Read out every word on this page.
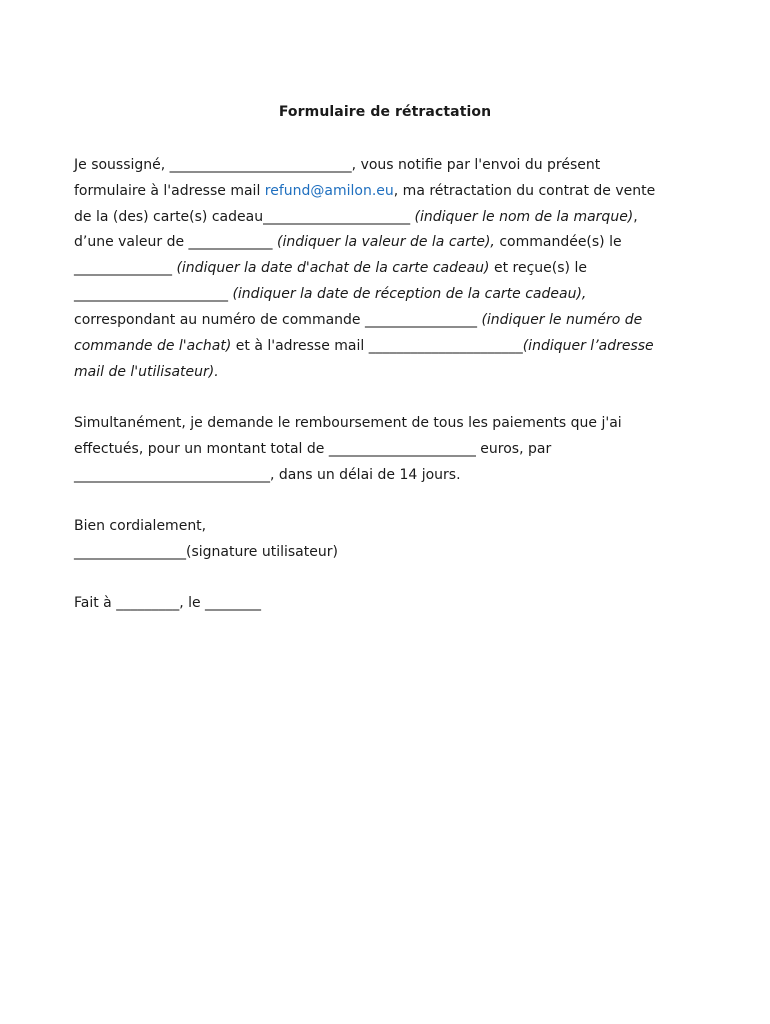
Formulaire de rétractation
Je soussigné, __________________________, vous notifie par l'envoi du présent
formulaire à l'adresse mail refund@amilon.eu, ma rétractation du contrat de vente
de la (des) carte(s) cadeau_____________________ (indiquer le nom de la marque),
d’une valeur de ____________ (indiquer la valeur de la carte), commandée(s) le
______________ (indiquer la date d'achat de la carte cadeau) et reçue(s) le
______________________ (indiquer la date de réception de la carte cadeau),
correspondant au numéro de commande ________________ (indiquer le numéro de
commande de l'achat) et à l'adresse mail ______________________(indiquer l’adresse
mail de l'utilisateur).
Simultanément, je demande le remboursement de tous les paiements que j'ai
effectués, pour un montant total de _____________________ euros, par
____________________________, dans un délai de 14 jours.
Bien cordialement,
________________(signature utilisateur)
Fait à _________, le ________
